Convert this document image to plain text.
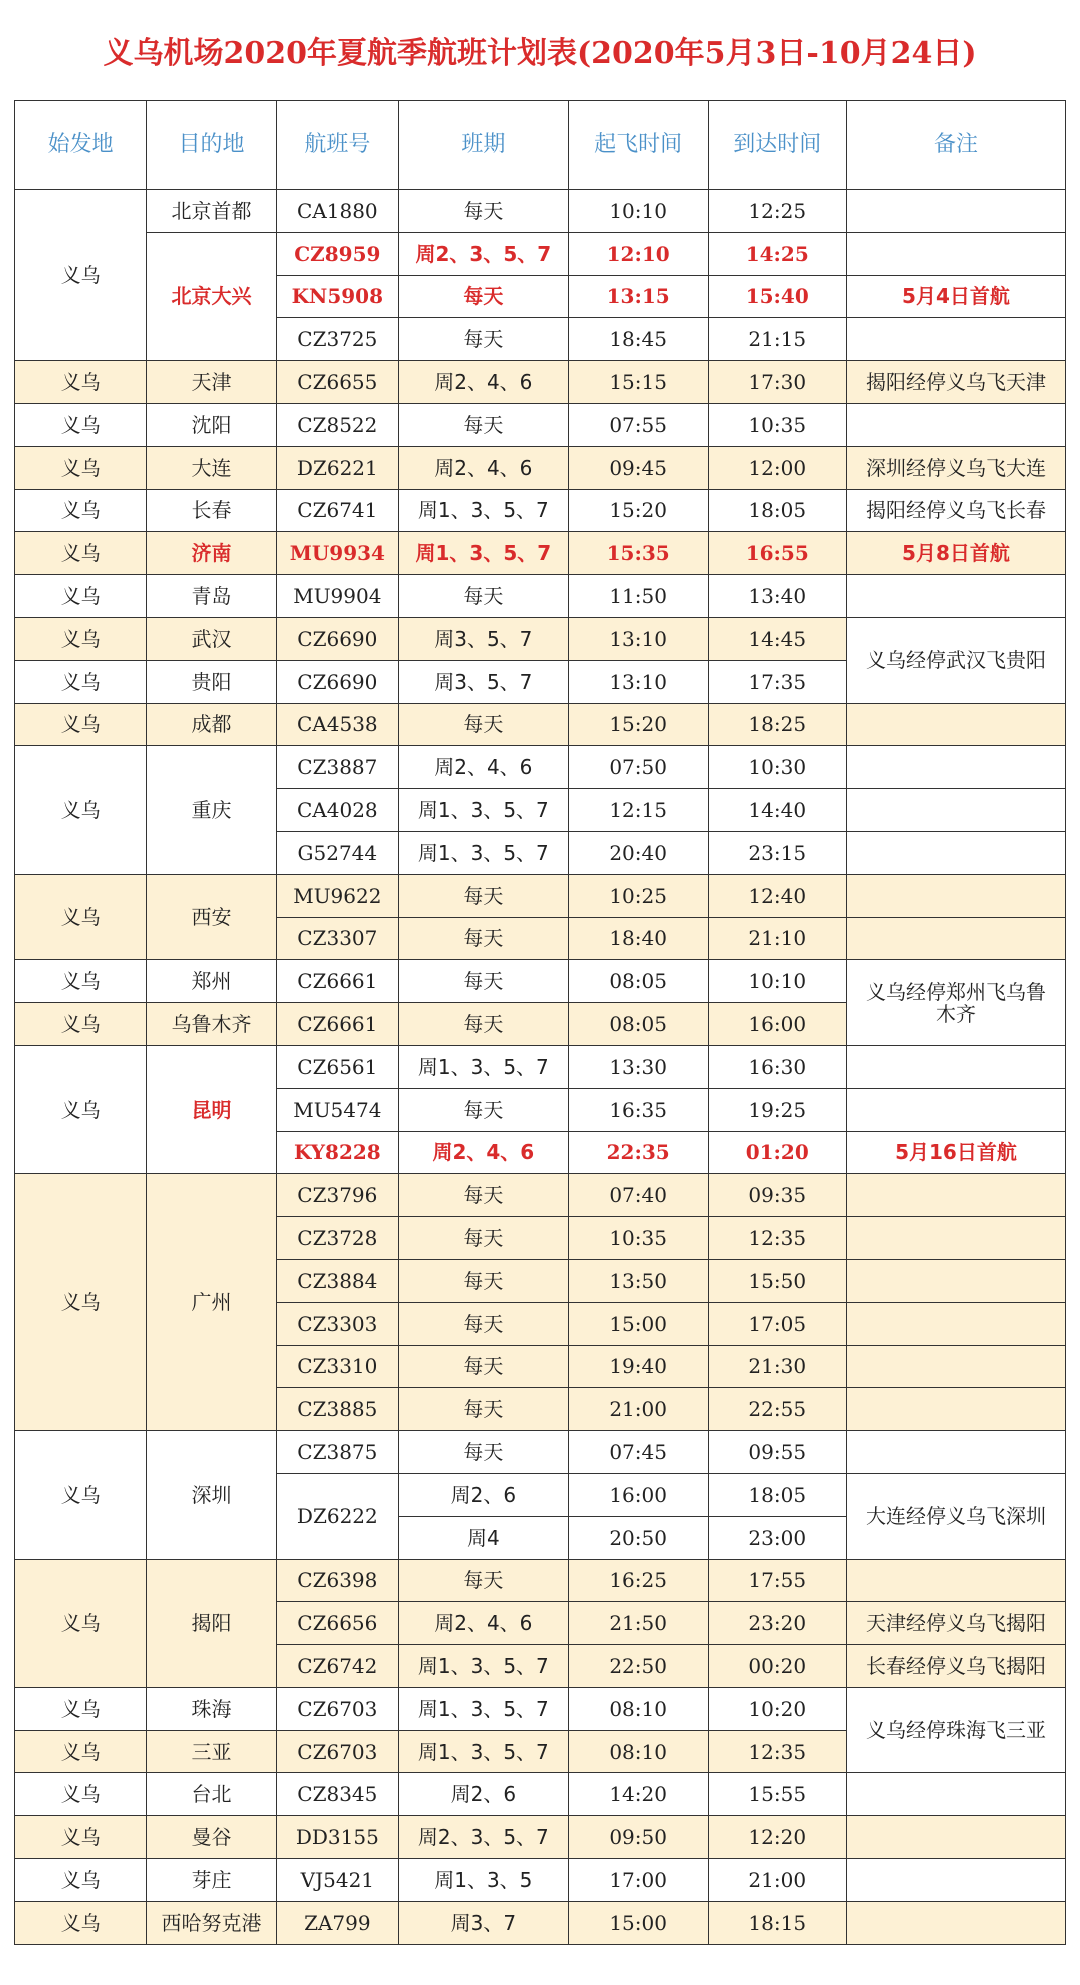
义乌机场2020年夏航季航班计划表(2020年5月3日-10月24日)
始发地	目的地	航班号	班期	起飞时间	到达时间	备注
义乌	北京首都	CA1880	每天	10:10	12:25	
	北京大兴	CZ8959	周2、3、5、7	12:10	14:25	
		KN5908	每天	13:15	15:40	5月4日首航
		CZ3725	每天	18:45	21:15	
义乌	天津	CZ6655	周2、4、6	15:15	17:30	揭阳经停义乌飞天津
义乌	沈阳	CZ8522	每天	07:55	10:35	
义乌	大连	DZ6221	周2、4、6	09:45	12:00	深圳经停义乌飞大连
义乌	长春	CZ6741	周1、3、5、7	15:20	18:05	揭阳经停义乌飞长春
义乌	济南	MU9934	周1、3、5、7	15:35	16:55	5月8日首航
义乌	青岛	MU9904	每天	11:50	13:40	
义乌	武汉	CZ6690	周3、5、7	13:10	14:45	义乌经停武汉飞贵阳
义乌	贵阳	CZ6690	周3、5、7	13:10	17:35	
义乌	成都	CA4538	每天	15:20	18:25	
义乌	重庆	CZ3887	周2、4、6	07:50	10:30	
		CA4028	周1、3、5、7	12:15	14:40	
		G52744	周1、3、5、7	20:40	23:15	
义乌	西安	MU9622	每天	10:25	12:40	
		CZ3307	每天	18:40	21:10	
义乌	郑州	CZ6661	每天	08:05	10:10	义乌经停郑州飞乌鲁木齐
义乌	乌鲁木齐	CZ6661	每天	08:05	16:00	
义乌	昆明	CZ6561	周1、3、5、7	13:30	16:30	
		MU5474	每天	16:35	19:25	
		KY8228	周2、4、6	22:35	01:20	5月16日首航
义乌	广州	CZ3796	每天	07:40	09:35	
		CZ3728	每天	10:35	12:35	
		CZ3884	每天	13:50	15:50	
		CZ3303	每天	15:00	17:05	
		CZ3310	每天	19:40	21:30	
		CZ3885	每天	21:00	22:55	
义乌	深圳	CZ3875	每天	07:45	09:55	
		DZ6222	周2、6	16:00	18:05	大连经停义乌飞深圳
			周4	20:50	23:00	
义乌	揭阳	CZ6398	每天	16:25	17:55	
		CZ6656	周2、4、6	21:50	23:20	天津经停义乌飞揭阳
		CZ6742	周1、3、5、7	22:50	00:20	长春经停义乌飞揭阳
义乌	珠海	CZ6703	周1、3、5、7	08:10	10:20	义乌经停珠海飞三亚
义乌	三亚	CZ6703	周1、3、5、7	08:10	12:35	
义乌	台北	CZ8345	周2、6	14:20	15:55	
义乌	曼谷	DD3155	周2、3、5、7	09:50	12:20	
义乌	芽庄	VJ5421	周1、3、5	17:00	21:00	
义乌	西哈努克港	ZA799	周3、7	15:00	18:15	
